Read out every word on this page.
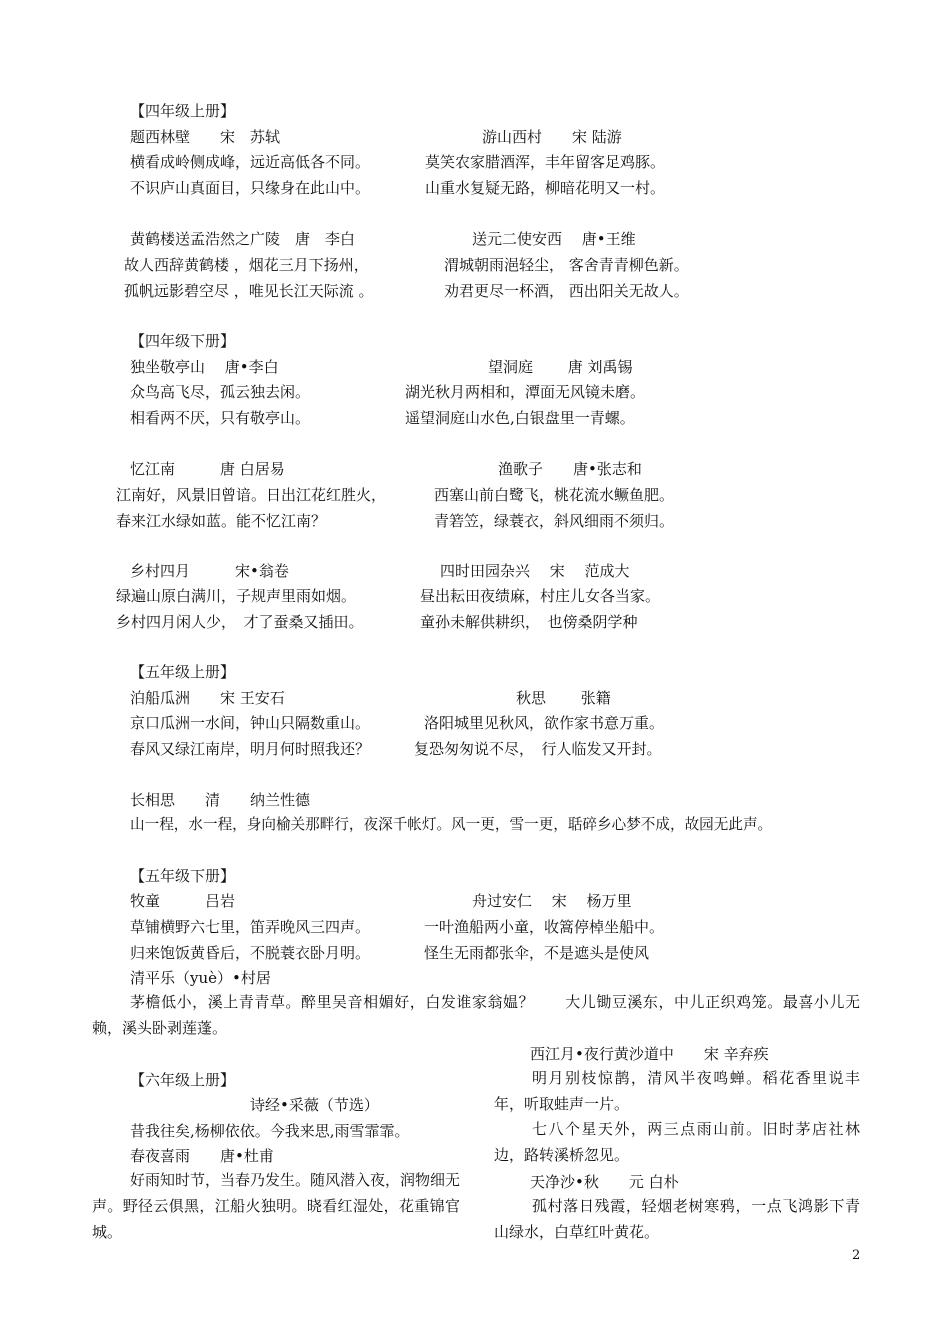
【四年级上册】
题西林壁　　宋　苏轼	游山西村　　宋 陆游
横看成岭侧成峰，远近高低各不同。	莫笑农家腊酒浑，丰年留客足鸡豚。
不识庐山真面目，只缘身在此山中。	山重水复疑无路，柳暗花明又一村。
黄鹤楼送孟浩然之广陵　唐　李白	送元二使安西　 唐•王维
故人西辞黄鹤楼 ，烟花三月下扬州，	渭城朝雨浥轻尘， 客舍青青柳色新。
孤帆远影碧空尽 ，唯见长江天际流 。	劝君更尽一杯酒， 西出阳关无故人。
【四年级下册】
独坐敬亭山　 唐•李白	望洞庭　　 唐 刘禹锡
众鸟高飞尽，孤云独去闲。	湖光秋月两相和，潭面无风镜未磨。
相看两不厌，只有敬亭山。	遥望洞庭山水色,白银盘里一青螺。
忆江南　　　唐 白居易	渔歌子　　唐•张志和
江南好，风景旧曾谙。日出江花红胜火，	西塞山前白鹭飞，桃花流水鳜鱼肥。
春来江水绿如蓝。能不忆江南？	青箬笠，绿蓑衣，斜风细雨不须归。
乡村四月　　　宋•翁卷	四时田园杂兴　 宋　 范成大
绿遍山原白满川，子规声里雨如烟。	昼出耘田夜绩麻，村庄儿女各当家。
乡村四月闲人少，　才了蚕桑又插田。	童孙未解供耕织，　也傍桑阴学种
【五年级上册】
泊船瓜洲　　宋 王安石	秋思　　 张籍
京口瓜洲一水间，钟山只隔数重山。	洛阳城里见秋风，欲作家书意万重。
春风又绿江南岸，明月何时照我还？	复恐匆匆说不尽，　行人临发又开封。
长相思　　清　　纳兰性德
山一程，水一程，身向榆关那畔行，夜深千帐灯。风一更，雪一更，聒碎乡心梦不成，故园无此声。
【五年级下册】
牧童　　　吕岩	舟过安仁　 宋　 杨万里
草铺横野六七里，笛弄晚风三四声。	一叶渔船两小童，收篙停棹坐船中。
归来饱饭黄昏后，不脱蓑衣卧月明。	怪生无雨都张伞，不是遮头是使风
清平乐（yuè）•村居
茅檐低小，溪上青青草。醉里吴音相媚好，白发谁家翁媪？　　大儿锄豆溪东，中儿正织鸡笼。最喜小儿无赖，溪头卧剥莲蓬。
【六年级上册】
诗经•采薇（节选）
昔我往矣,杨柳依依。今我来思,雨雪霏霏。
春夜喜雨　　唐•杜甫
好雨知时节，当春乃发生。随风潜入夜，润物细无声。野径云俱黑，江船火独明。晓看红湿处，花重锦官城。
西江月•夜行黄沙道中　　宋 辛弃疾
明月别枝惊鹊，清风半夜鸣蝉。稻花香里说丰年，听取蛙声一片。
七八个星天外，两三点雨山前。旧时茅店社林边，路转溪桥忽见。
天净沙•秋　　元 白朴
孤村落日残霞，轻烟老树寒鸦，一点飞鸿影下青山绿水，白草红叶黄花。
2
